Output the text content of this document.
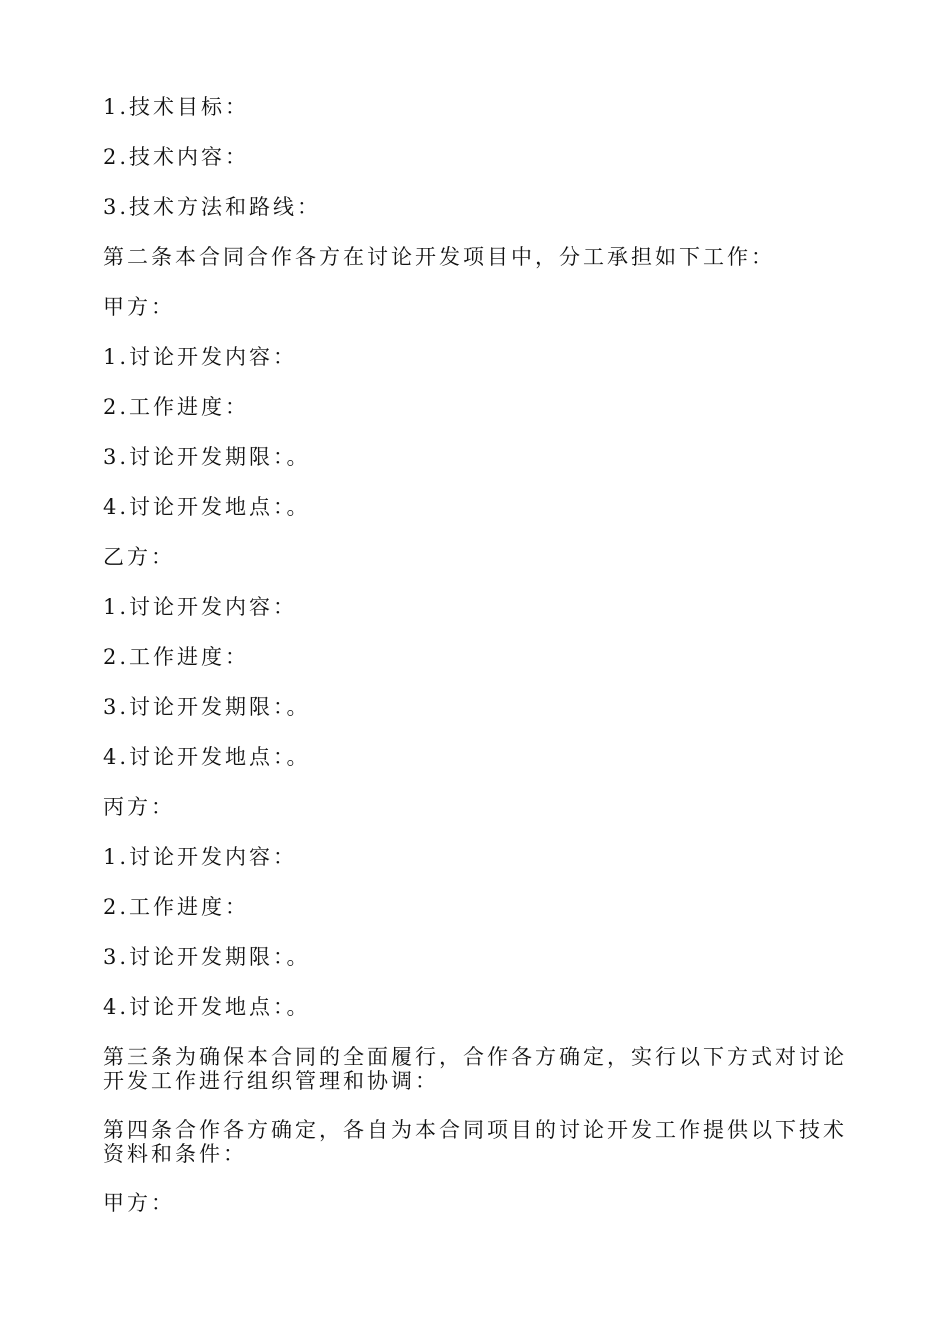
1.技术目标：
2.技术内容：
3.技术方法和路线：
第二条本合同合作各方在讨论开发项目中，分工承担如下工作：
甲方：
1.讨论开发内容：
2.工作进度：
3.讨论开发期限：。
4.讨论开发地点：。
乙方：
1.讨论开发内容：
2.工作进度：
3.讨论开发期限：。
4.讨论开发地点：。
丙方：
1.讨论开发内容：
2.工作进度：
3.讨论开发期限：。
4.讨论开发地点：。
第三条为确保本合同的全面履行，合作各方确定，实行以下方式对讨论
开发工作进行组织管理和协调：
第四条合作各方确定，各自为本合同项目的讨论开发工作提供以下技术
资料和条件：
甲方：
